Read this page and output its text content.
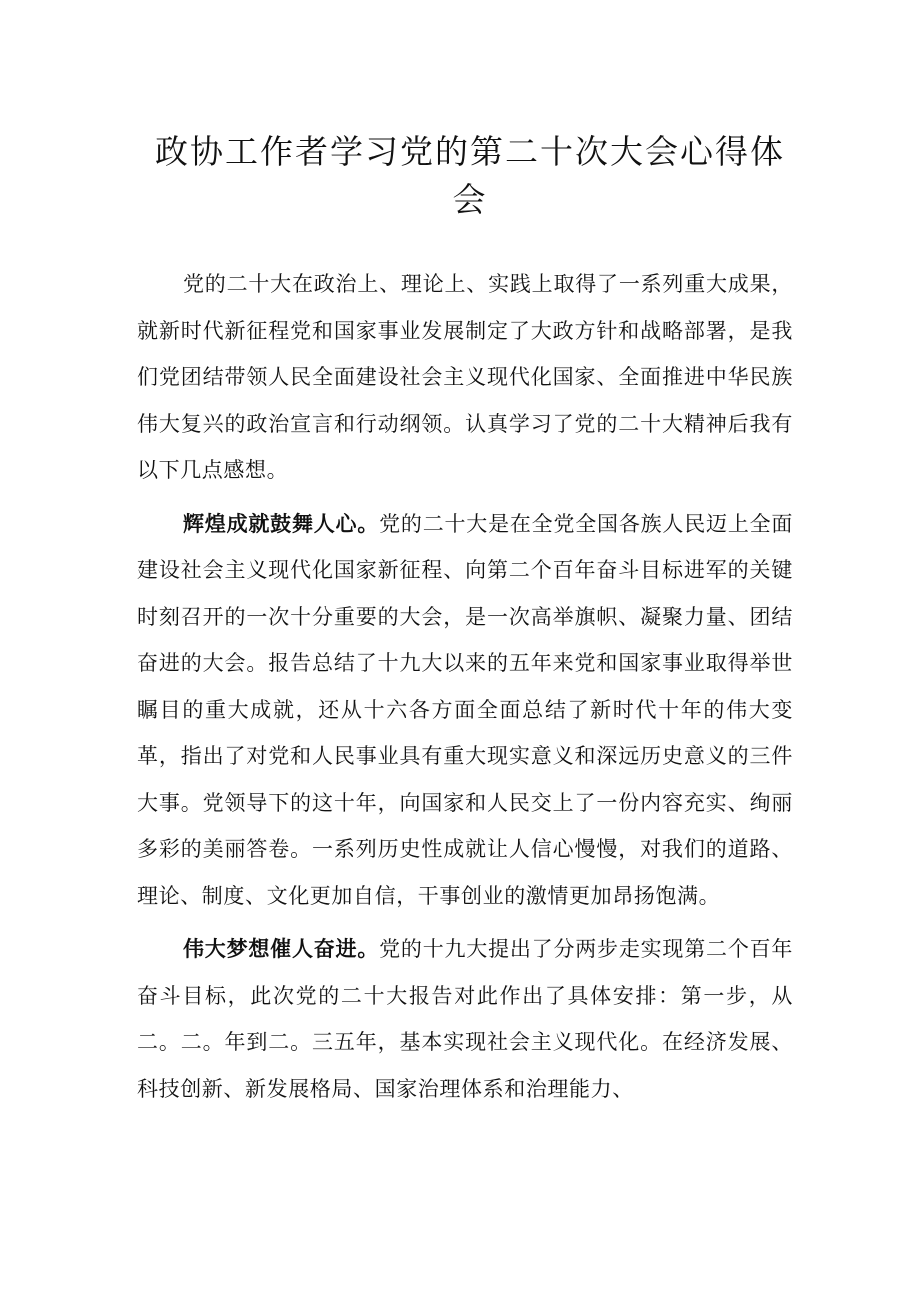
政协工作者学习党的第二十次大会心得体会

党的二十大在政治上、理论上、实践上取得了一系列重大成果，就新时代新征程党和国家事业发展制定了大政方针和战略部署，是我们党团结带领人民全面建设社会主义现代化国家、全面推进中华民族伟大复兴的政治宣言和行动纲领。认真学习了党的二十大精神后我有以下几点感想。

辉煌成就鼓舞人心。党的二十大是在全党全国各族人民迈上全面建设社会主义现代化国家新征程、向第二个百年奋斗目标进军的关键时刻召开的一次十分重要的大会，是一次高举旗帜、凝聚力量、团结奋进的大会。报告总结了十九大以来的五年来党和国家事业取得举世瞩目的重大成就，还从十六各方面全面总结了新时代十年的伟大变革，指出了对党和人民事业具有重大现实意义和深远历史意义的三件大事。党领导下的这十年，向国家和人民交上了一份内容充实、绚丽多彩的美丽答卷。一系列历史性成就让人信心慢慢，对我们的道路、理论、制度、文化更加自信，干事创业的激情更加昂扬饱满。

伟大梦想催人奋进。党的十九大提出了分两步走实现第二个百年奋斗目标，此次党的二十大报告对此作出了具体安排：第一步，从二。二。年到二。三五年，基本实现社会主义现代化。在经济发展、科技创新、新发展格局、国家治理体系和治理能力、
